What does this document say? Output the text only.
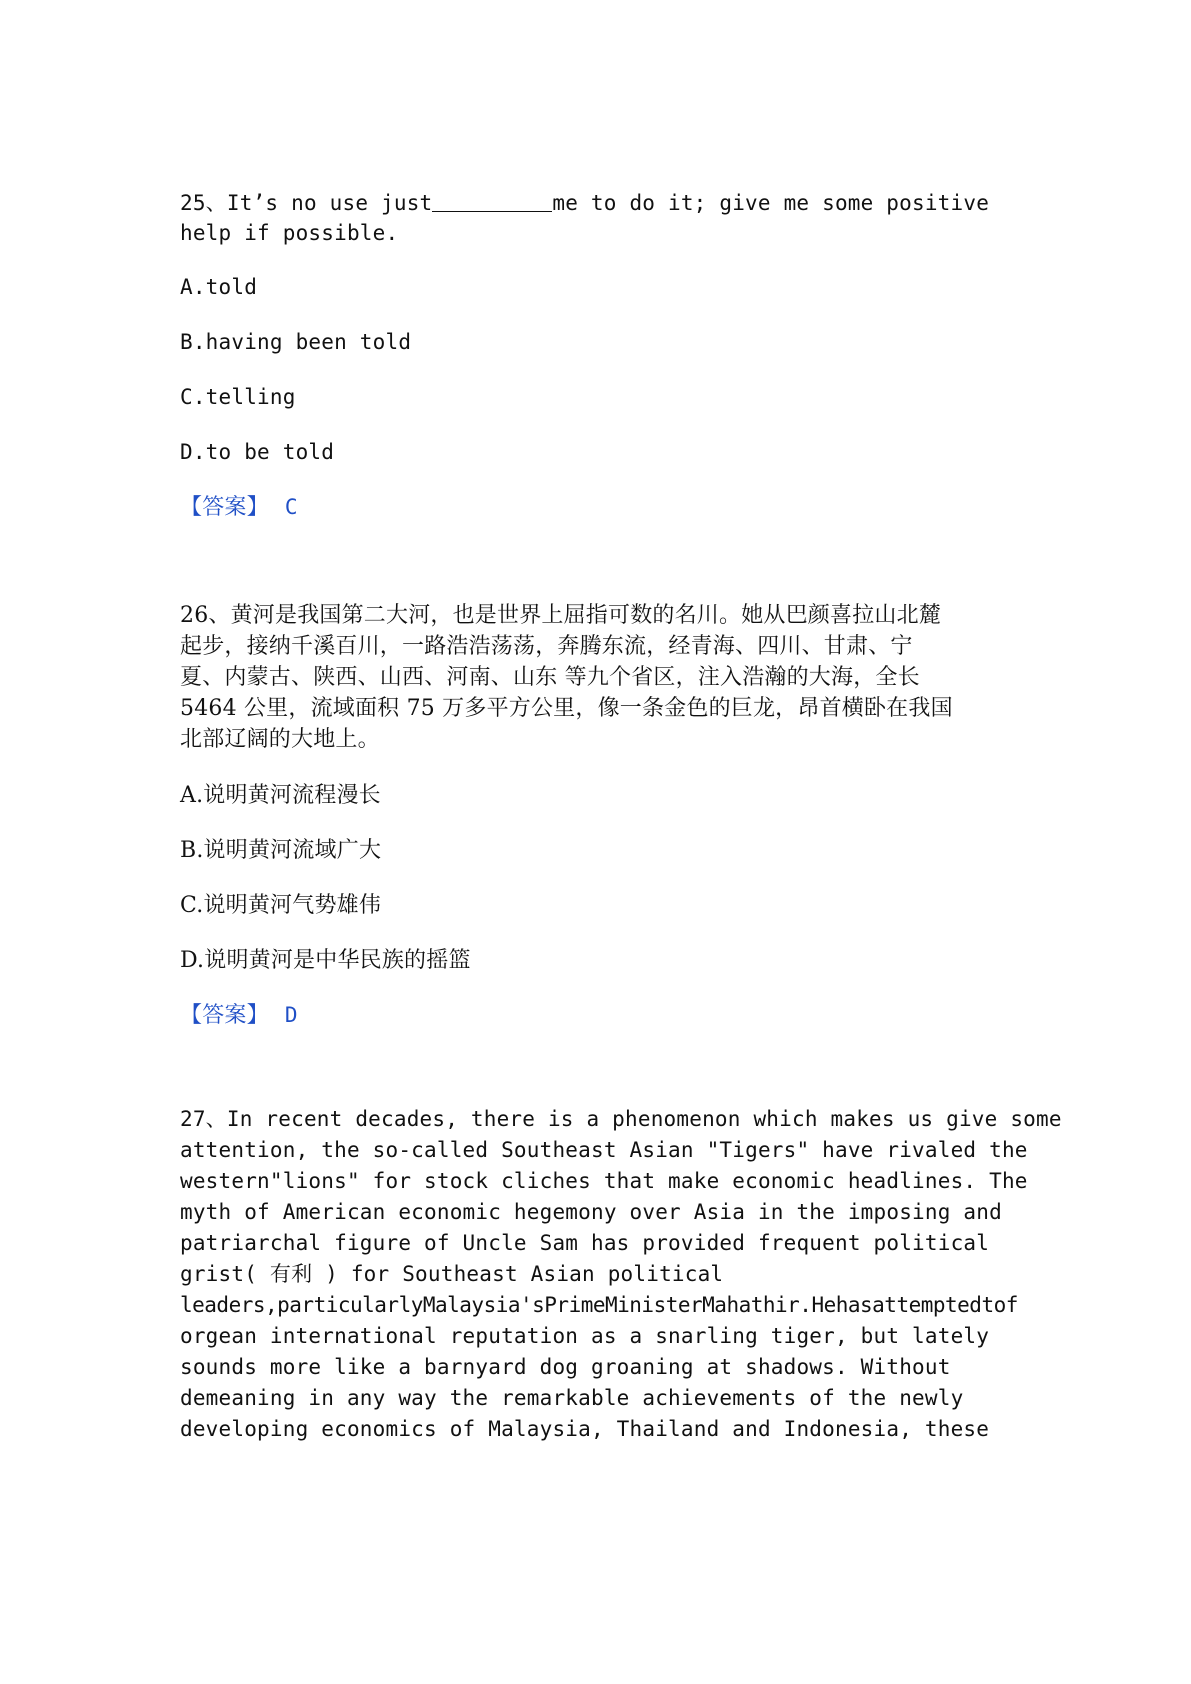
25、It’s no use just	me to do it; give me some positive
help if possible.
A.told
B.having been told
C.telling
D.to be told
【答案】 C
26、黄河是我国第二大河，也是世界上屈指可数的名川。她从巴颜喜拉山北麓
起步，接纳千溪百川，一路浩浩荡荡，奔腾东流，经青海、四川、甘肃、宁
夏、内蒙古、陕西、山西、河南、山东 等九个省区，注入浩瀚的大海，全长
5464 公里，流域面积 75 万多平方公里，像一条金色的巨龙，昂首横卧在我国
北部辽阔的大地上。
A.说明黄河流程漫长
B.说明黄河流域广大
C.说明黄河气势雄伟
D.说明黄河是中华民族的摇篮
【答案】 D
27、In recent decades, there is a phenomenon which makes us give some
attention, the so-called Southeast Asian "Tigers" have rivaled the
western"lions" for stock cliches that make economic headlines. The
myth of American economic hegemony over Asia in the imposing and
patriarchal figure of Uncle Sam has provided frequent political
grist( 有利 ) for Southeast Asian political
leaders,particularlyMalaysia'sPrimeMinisterMahathir.Hehasattemptedtof
orgean international reputation as a snarling tiger, but lately
sounds more like a barnyard dog groaning at shadows. Without
demeaning in any way the remarkable achievements of the newly
developing economics of Malaysia, Thailand and Indonesia, these
